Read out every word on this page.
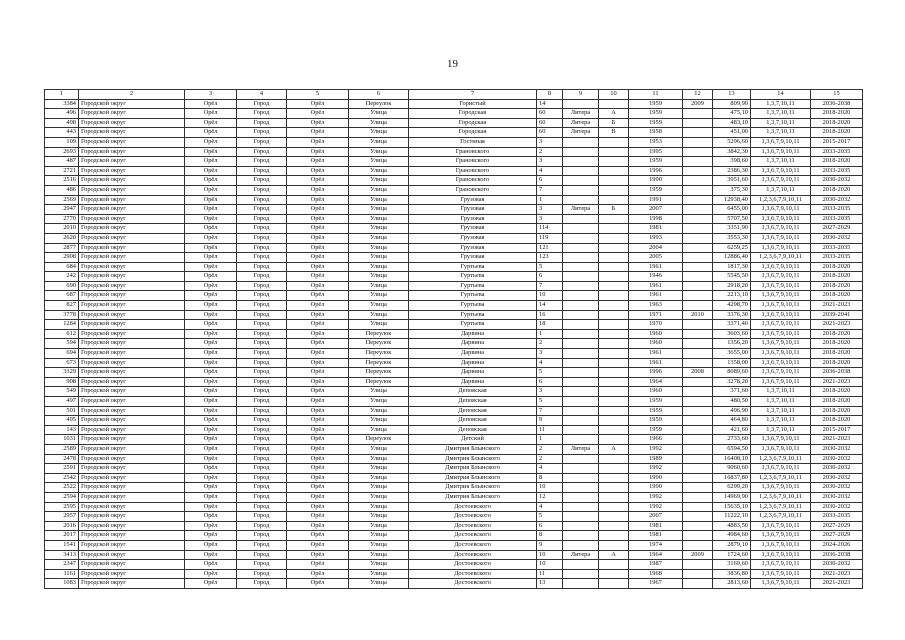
19
1	2	3	4	5	6	7	8	9	10	11	12	13	14	15
3384	Городской округ	Орёл	Город	Орёл	Переулок	Гористый	14			1959	2009	809,90	1,3,7,10,11	2036-2038
496	Городской округ	Орёл	Город	Орёл	Улица	Городская	60	Литера	А	1959		475,10	1,3,7,10,11	2018-2020
498	Городской округ	Орёл	Город	Орёл	Улица	Городская	60	Литера	Б	1959		483,10	1,3,7,10,11	2018-2020
443	Городской округ	Орёл	Город	Орёл	Улица	Городская	60	Литера	В	1958		451,00	1,3,7,10,11	2018-2020
109	Городской округ	Орёл	Город	Орёл	Улица	Гостиная	3			1953		5296,60	1,3,6,7,9,10,11	2015-2017
2693	Городской округ	Орёл	Город	Орёл	Улица	Грановского	2			1995		3842,30	1,3,6,7,9,10,11	2033-2035
487	Городской округ	Орёл	Город	Орёл	Улица	Грановского	3			1959		398,60	1,3,7,10,11	2018-2020
2721	Городской округ	Орёл	Город	Орёл	Улица	Грановского	4			1996		2386,30	1,3,6,7,9,10,11	2033-2035
2516	Городской округ	Орёл	Город	Орёл	Улица	Грановского	6			1990		3951,60	1,3,6,7,9,10,11	2030-2032
486	Городской округ	Орёл	Город	Орёл	Улица	Грановского	7			1959		375,30	1,3,7,10,11	2018-2020
2569	Городской округ	Орёл	Город	Орёл	Улица	Грузовая	1			1991		12938,40	1,2,3,6,7,9,10,11	2030-2032
2947	Городской округ	Орёл	Город	Орёл	Улица	Грузовая	3	Литера	Б	2007		6455,00	1,3,6,7,9,10,11	2033-2035
2770	Городской округ	Орёл	Город	Орёл	Улица	Грузовая	3			1998		5707,50	1,3,6,7,9,10,11	2033-2035
2010	Городской округ	Орёл	Город	Орёл	Улица	Грузовая	114			1981		3351,90	1,3,6,7,9,10,11	2027-2029
2620	Городской округ	Орёл	Город	Орёл	Улица	Грузовая	119			1993		3553,30	1,3,6,7,9,10,11	2030-2032
2877	Городской округ	Орёл	Город	Орёл	Улица	Грузовая	121			2004		6259,25	1,3,6,7,9,10,11	2033-2035
2908	Городской округ	Орёл	Город	Орёл	Улица	Грузовая	123			2005		12886,40	1,2,3,6,7,9,10,11	2033-2035
684	Городской округ	Орёл	Город	Орёл	Улица	Гуртьева	5			1961		1817,30	1,3,6,7,9,10,11	2018-2020
242	Городской округ	Орёл	Город	Орёл	Улица	Гуртьева	6			1946		5545,50	1,3,6,7,9,10,11	2018-2020
690	Городской округ	Орёл	Город	Орёл	Улица	Гуртьева	7			1961		2918,20	1,3,6,7,9,10,11	2018-2020
687	Городской округ	Орёл	Город	Орёл	Улица	Гуртьева	10			1961		2213,10	1,3,6,7,9,10,11	2018-2020
827	Городской округ	Орёл	Город	Орёл	Улица	Гуртьева	14			1963		4298,70	1,3,6,7,9,10,11	2021-2023
3778	Городской округ	Орёл	Город	Орёл	Улица	Гуртьева	16			1971	2010	3376,30	1,3,6,7,9,10,11	2039-2041
1284	Городской округ	Орёл	Город	Орёл	Улица	Гуртьева	18			1970		3371,40	1,3,6,7,9,10,11	2021-2023
612	Городской округ	Орёл	Город	Орёл	Переулок	Дарвина	1			1960		3603,60	1,3,6,7,9,10,11	2018-2020
594	Городской округ	Орёл	Город	Орёл	Переулок	Дарвина	2			1960		1356,20	1,3,6,7,9,10,11	2018-2020
694	Городской округ	Орёл	Город	Орёл	Переулок	Дарвина	3			1961		3655,00	1,3,6,7,9,10,11	2018-2020
673	Городской округ	Орёл	Город	Орёл	Переулок	Дарвина	4			1961		1358,00	1,3,6,7,9,10,11	2018-2020
3329	Городской округ	Орёл	Город	Орёл	Переулок	Дарвина	5			1996	2008	8089,60	1,3,6,7,9,10,11	2036-2038
908	Городской округ	Орёл	Город	Орёл	Переулок	Дарвина	6			1964		3278,20	1,3,6,7,9,10,11	2021-2023
549	Городской округ	Орёл	Город	Орёл	Улица	Деповская	3			1960		371,60	1,3,7,10,11	2018-2020
497	Городской округ	Орёл	Город	Орёл	Улица	Деповская	5			1959		480,50	1,3,7,10,11	2018-2020
501	Городской округ	Орёл	Город	Орёл	Улица	Деповская	7			1959		496,90	1,3,7,10,11	2018-2020
495	Городской округ	Орёл	Город	Орёл	Улица	Деповская	9			1959		464,80	1,3,7,10,11	2018-2020
143	Городской округ	Орёл	Город	Орёл	Улица	Деповская	11			1959		421,60	1,3,7,10,11	2015-2017
1031	Городской округ	Орёл	Город	Орёл	Переулок	Детский	1			1966		2733,60	1,3,6,7,9,10,11	2021-2023
2589	Городской округ	Орёл	Город	Орёл	Улица	Дмитрия Блынского	2	Литера	А	1992		6594,50	1,3,6,7,9,10,11	2030-2032
2478	Городской округ	Орёл	Город	Орёл	Улица	Дмитрия Блынского	2			1989		16408,10	1,2,3,6,7,9,10,11	2030-2032
2591	Городской округ	Орёл	Город	Орёл	Улица	Дмитрия Блынского	4			1992		9060,60	1,3,6,7,9,10,11	2030-2032
2542	Городской округ	Орёл	Город	Орёл	Улица	Дмитрия Блынского	8			1990		16837,80	1,2,3,6,7,9,10,11	2030-2032
2522	Городской округ	Орёл	Город	Орёл	Улица	Дмитрия Блынского	10			1990		6299,20	1,3,6,7,9,10,11	2030-2032
2594	Городской округ	Орёл	Город	Орёл	Улица	Дмитрия Блынского	12			1992		14969,90	1,2,3,6,7,9,10,11	2030-2032
2595	Городской округ	Орёл	Город	Орёл	Улица	Достоевского	4			1992		15635,10	1,2,3,6,7,9,10,11	2030-2032
2957	Городской округ	Орёл	Город	Орёл	Улица	Достоевского	5			2007		11222,10	1,2,3,6,7,9,10,11	2033-2035
2016	Городской округ	Орёл	Город	Орёл	Улица	Достоевского	6			1981		4883,50	1,3,6,7,9,10,11	2027-2029
2017	Городской округ	Орёл	Город	Орёл	Улица	Достоевского	8			1981		4984,60	1,3,6,7,9,10,11	2027-2029
1541	Городской округ	Орёл	Город	Орёл	Улица	Достоевского	9			1974		2879,10	1,3,6,7,9,10,11	2024-2026
3413	Городской округ	Орёл	Город	Орёл	Улица	Достоевского	10	Литера	А	1964	2009	1724,60	1,3,6,7,9,10,11	2036-2038
2347	Городской округ	Орёл	Город	Орёл	Улица	Достоевского	10			1987		3169,60	1,3,6,7,9,10,11	2030-2032
1161	Городской округ	Орёл	Город	Орёл	Улица	Достоевского	11			1968		3836,80	1,3,6,7,9,10,11	2021-2023
1083	Городской округ	Орёл	Город	Орёл	Улица	Достоевского	13			1967		2813,60	1,3,6,7,9,10,11	2021-2023
